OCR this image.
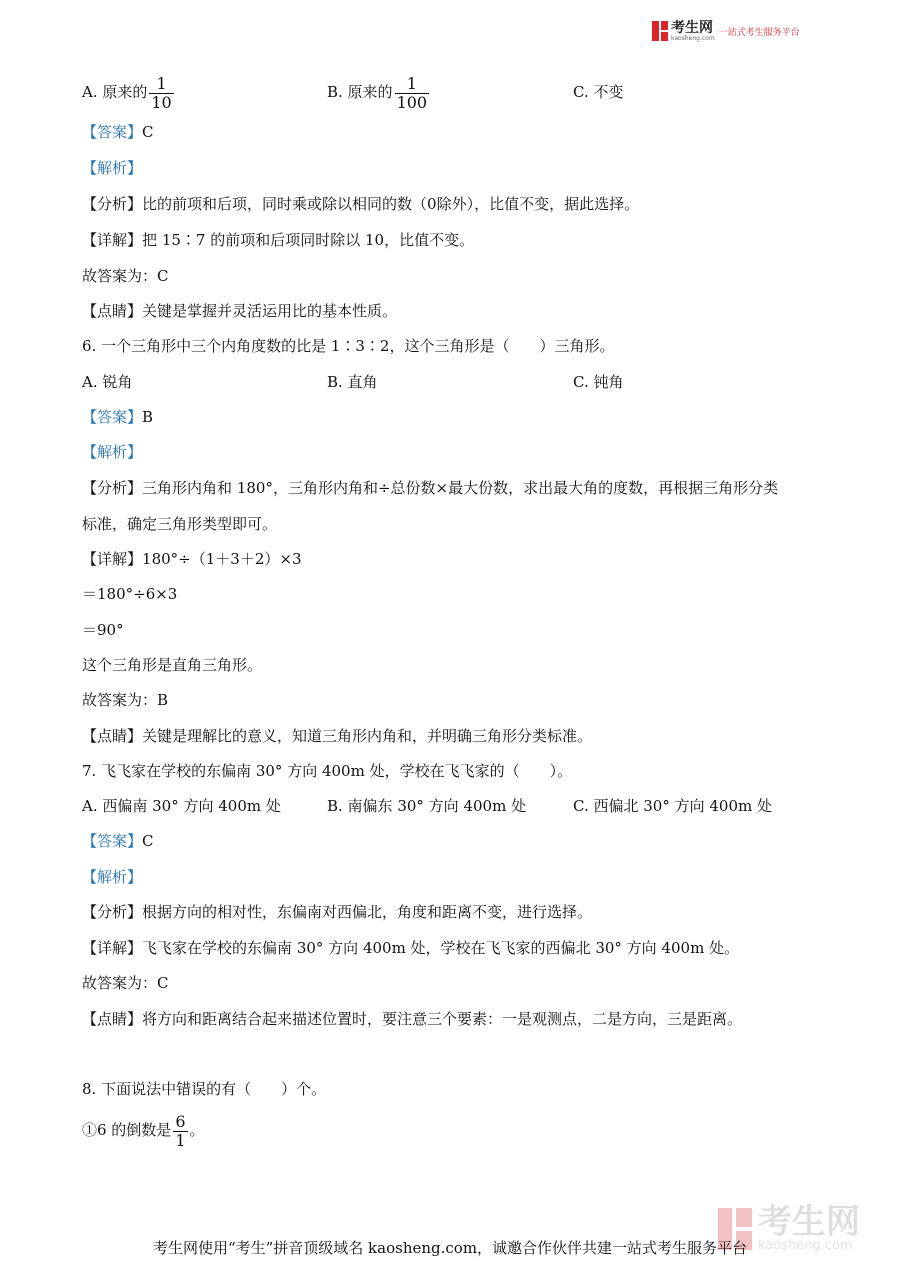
考生网
kaosheng.com
一站式考生服务平台
A. 原来的 $\frac{1}{10}$	B. 原来的 $\frac{1}{100}$	C. 不变
【答案】C
【解析】
【分析】比的前项和后项，同时乘或除以相同的数（0除外），比值不变，据此选择。
【详解】把 15∶7 的前项和后项同时除以 10，比值不变。
故答案为：C
【点睛】关键是掌握并灵活运用比的基本性质。
6. 一个三角形中三个内角度数的比是 1∶3∶2，这个三角形是（　　）三角形。
A. 锐角	B. 直角	C. 钝角
【答案】B
【解析】
【分析】三角形内角和 180°，三角形内角和÷总份数×最大份数，求出最大角的度数，再根据三角形分类
标准，确定三角形类型即可。
【详解】180°÷（1＋3＋2）×3
＝180°÷6×3
＝90°
这个三角形是直角三角形。
故答案为：B
【点睛】关键是理解比的意义，知道三角形内角和，并明确三角形分类标准。
7. 飞飞家在学校的东偏南 30° 方向 400m 处，学校在飞飞家的（　　）。
A. 西偏南 30° 方向 400m 处	B. 南偏东 30° 方向 400m 处	C. 西偏北 30° 方向 400m 处
【答案】C
【解析】
【分析】根据方向的相对性，东偏南对西偏北，角度和距离不变，进行选择。
【详解】飞飞家在学校的东偏南 30° 方向 400m 处，学校在飞飞家的西偏北 30° 方向 400m 处。
故答案为：C
【点睛】将方向和距离结合起来描述位置时，要注意三个要素：一是观测点，二是方向，三是距离。
8. 下面说法中错误的有（　　）个。
①6 的倒数是 $\frac{6}{1}$ 。
考生网
kaosheng.com
考生网使用“考生”拼音顶级域名 kaosheng.com，诚邀合作伙伴共建一站式考生服务平台
